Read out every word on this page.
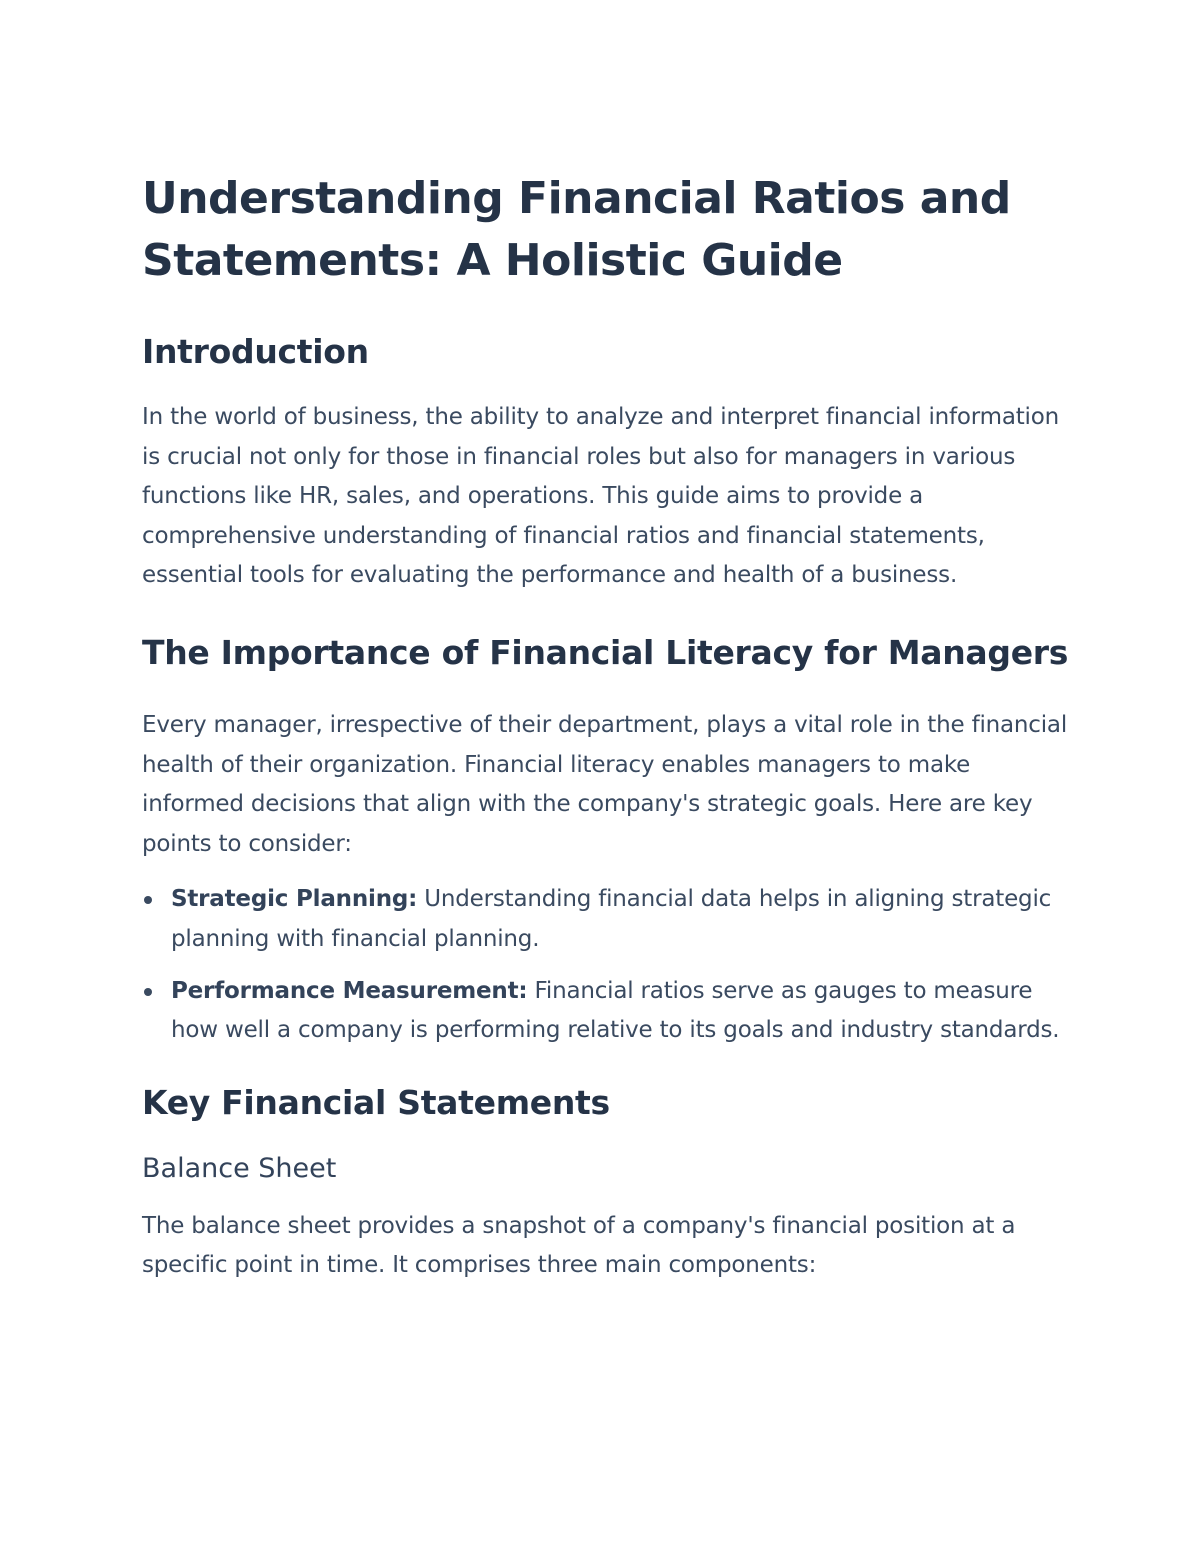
Understanding Financial Ratios and Statements: A Holistic Guide
Introduction

In the world of business, the ability to analyze and interpret financial information is crucial not only for those in financial roles but also for managers in various functions like HR, sales, and operations. This guide aims to provide a comprehensive understanding of financial ratios and financial statements, essential tools for evaluating the performance and health of a business.

The Importance of Financial Literacy for Managers

Every manager, irrespective of their department, plays a vital role in the financial health of their organization. Financial literacy enables managers to make informed decisions that align with the company's strategic goals. Here are key points to consider:

Strategic Planning: Understanding financial data helps in aligning strategic planning with financial planning.
Performance Measurement: Financial ratios serve as gauges to measure how well a company is performing relative to its goals and industry standards.
Key Financial Statements
Balance Sheet

The balance sheet provides a snapshot of a company's financial position at a specific point in time. It comprises three main components:
